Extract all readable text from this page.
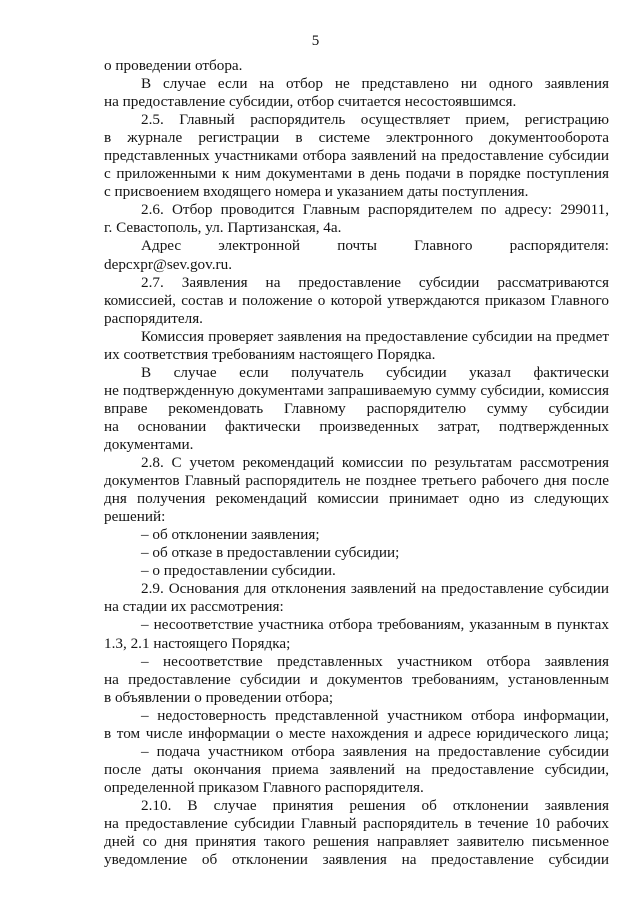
5
о проведении отбора.
В случае если на отбор не представлено ни одного заявления
на предоставление субсидии, отбор считается несостоявшимся.
2.5. Главный распорядитель осуществляет прием, регистрацию
в журнале регистрации в системе электронного документооборота
представленных участниками отбора заявлений на предоставление субсидии
с приложенными к ним документами в день подачи в порядке поступления
с присвоением входящего номера и указанием даты поступления.
2.6. Отбор проводится Главным распорядителем по адресу: 299011,
г. Севастополь, ул. Партизанская, 4а.
Адрес электронной почты Главного распорядителя:
depcxpr@sev.gov.ru.
2.7. Заявления на предоставление субсидии рассматриваются
комиссией, состав и положение о которой утверждаются приказом Главного
распорядителя.
Комиссия проверяет заявления на предоставление субсидии на предмет
их соответствия требованиям настоящего Порядка.
В случае если получатель субсидии указал фактически
не подтвержденную документами запрашиваемую сумму субсидии, комиссия
вправе рекомендовать Главному распорядителю сумму субсидии
на основании фактически произведенных затрат, подтвержденных
документами.
2.8. С учетом рекомендаций комиссии по результатам рассмотрения
документов Главный распорядитель не позднее третьего рабочего дня после
дня получения рекомендаций комиссии принимает одно из следующих
решений:
– об отклонении заявления;
– об отказе в предоставлении субсидии;
– о предоставлении субсидии.
2.9. Основания для отклонения заявлений на предоставление субсидии
на стадии их рассмотрения:
– несоответствие участника отбора требованиям, указанным в пунктах
1.3, 2.1 настоящего Порядка;
– несоответствие представленных участником отбора заявления
на предоставление субсидии и документов требованиям, установленным
в объявлении о проведении отбора;
– недостоверность представленной участником отбора информации,
в том числе информации о месте нахождения и адресе юридического лица;
– подача участником отбора заявления на предоставление субсидии
после даты окончания приема заявлений на предоставление субсидии,
определенной приказом Главного распорядителя.
2.10. В случае принятия решения об отклонении заявления
на предоставление субсидии Главный распорядитель в течение 10 рабочих
дней со дня принятия такого решения направляет заявителю письменное
уведомление об отклонении заявления на предоставление субсидии
